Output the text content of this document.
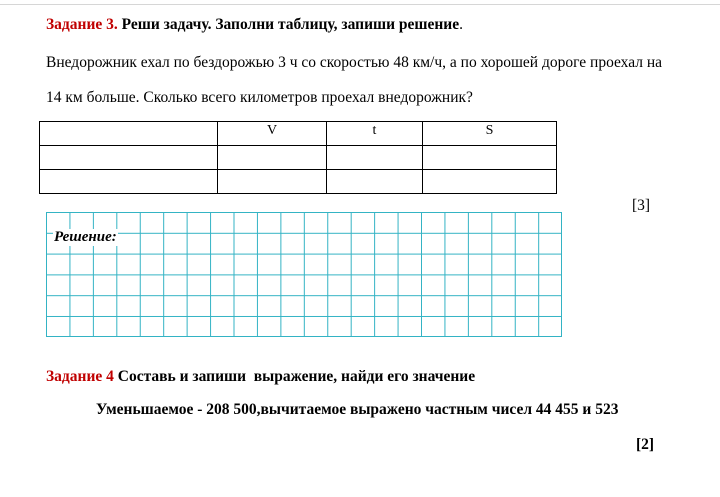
Задание 3. Реши задачу. Заполни таблицу, запиши решение.
Внедорожник ехал по бездорожью 3 ч со скоростью 48 км/ч, а по хорошей дороге проехал на
14 км больше. Сколько всего километров проехал внедорожник?
	V	t	S

[3]
Решение:
Задание 4 Составь и запиши  выражение, найди его значение
Уменьшаемое - 208 500,вычитаемое выражено частным чисел 44 455 и 523
[2]
